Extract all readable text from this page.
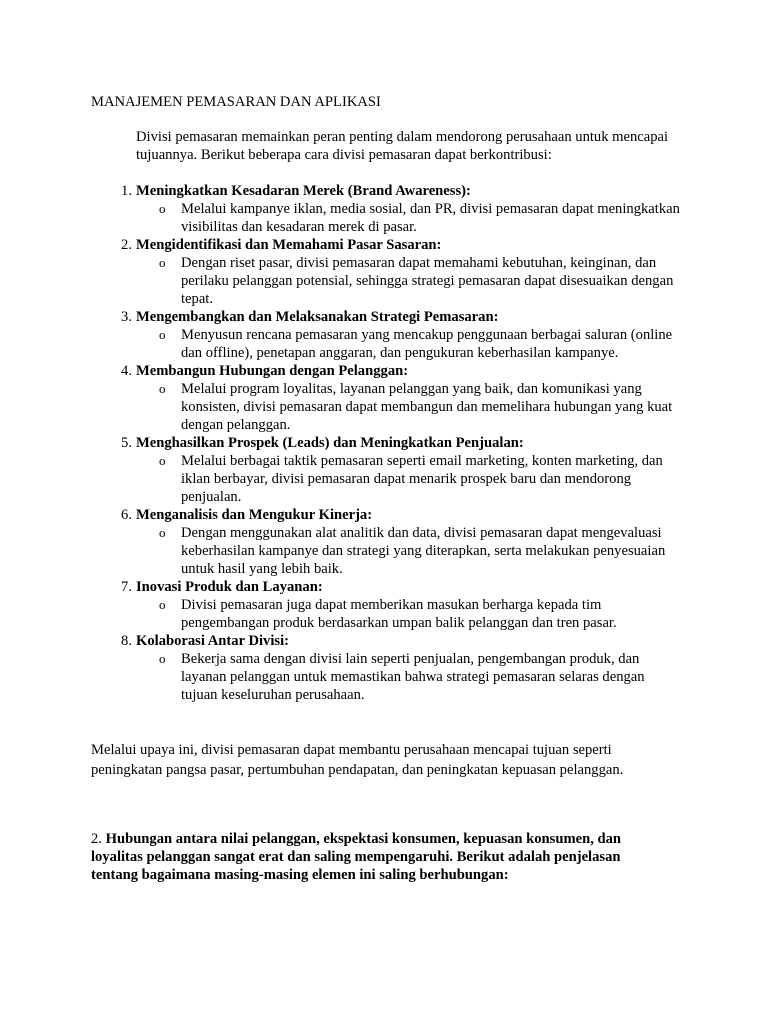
MANAJEMEN PEMASARAN DAN APLIKASI
Divisi pemasaran memainkan peran penting dalam mendorong perusahaan untuk mencapai tujuannya. Berikut beberapa cara divisi pemasaran dapat berkontribusi:
1. Meningkatkan Kesadaran Merek (Brand Awareness):
o Melalui kampanye iklan, media sosial, dan PR, divisi pemasaran dapat meningkatkan visibilitas dan kesadaran merek di pasar.
2. Mengidentifikasi dan Memahami Pasar Sasaran:
o Dengan riset pasar, divisi pemasaran dapat memahami kebutuhan, keinginan, dan perilaku pelanggan potensial, sehingga strategi pemasaran dapat disesuaikan dengan tepat.
3. Mengembangkan dan Melaksanakan Strategi Pemasaran:
o Menyusun rencana pemasaran yang mencakup penggunaan berbagai saluran (online dan offline), penetapan anggaran, dan pengukuran keberhasilan kampanye.
4. Membangun Hubungan dengan Pelanggan:
o Melalui program loyalitas, layanan pelanggan yang baik, dan komunikasi yang konsisten, divisi pemasaran dapat membangun dan memelihara hubungan yang kuat dengan pelanggan.
5. Menghasilkan Prospek (Leads) dan Meningkatkan Penjualan:
o Melalui berbagai taktik pemasaran seperti email marketing, konten marketing, dan iklan berbayar, divisi pemasaran dapat menarik prospek baru dan mendorong penjualan.
6. Menganalisis dan Mengukur Kinerja:
o Dengan menggunakan alat analitik dan data, divisi pemasaran dapat mengevaluasi keberhasilan kampanye dan strategi yang diterapkan, serta melakukan penyesuaian untuk hasil yang lebih baik.
7. Inovasi Produk dan Layanan:
o Divisi pemasaran juga dapat memberikan masukan berharga kepada tim pengembangan produk berdasarkan umpan balik pelanggan dan tren pasar.
8. Kolaborasi Antar Divisi:
o Bekerja sama dengan divisi lain seperti penjualan, pengembangan produk, dan layanan pelanggan untuk memastikan bahwa strategi pemasaran selaras dengan tujuan keseluruhan perusahaan.
Melalui upaya ini, divisi pemasaran dapat membantu perusahaan mencapai tujuan seperti peningkatan pangsa pasar, pertumbuhan pendapatan, dan peningkatan kepuasan pelanggan.
2. Hubungan antara nilai pelanggan, ekspektasi konsumen, kepuasan konsumen, dan loyalitas pelanggan sangat erat dan saling mempengaruhi. Berikut adalah penjelasan tentang bagaimana masing-masing elemen ini saling berhubungan:
